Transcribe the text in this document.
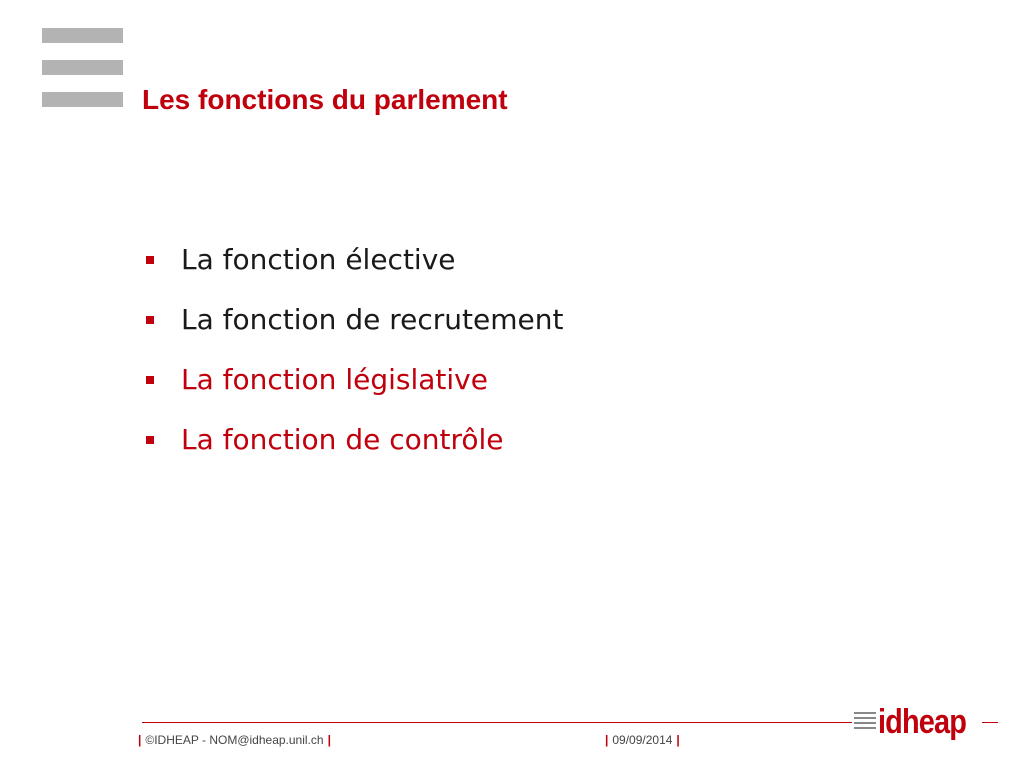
Les fonctions du parlement
La fonction élective
La fonction de recrutement
La fonction législative
La fonction de contrôle
| ©IDHEAP - NOM@idheap.unil.ch |	| 09/09/2014 |	idheap
